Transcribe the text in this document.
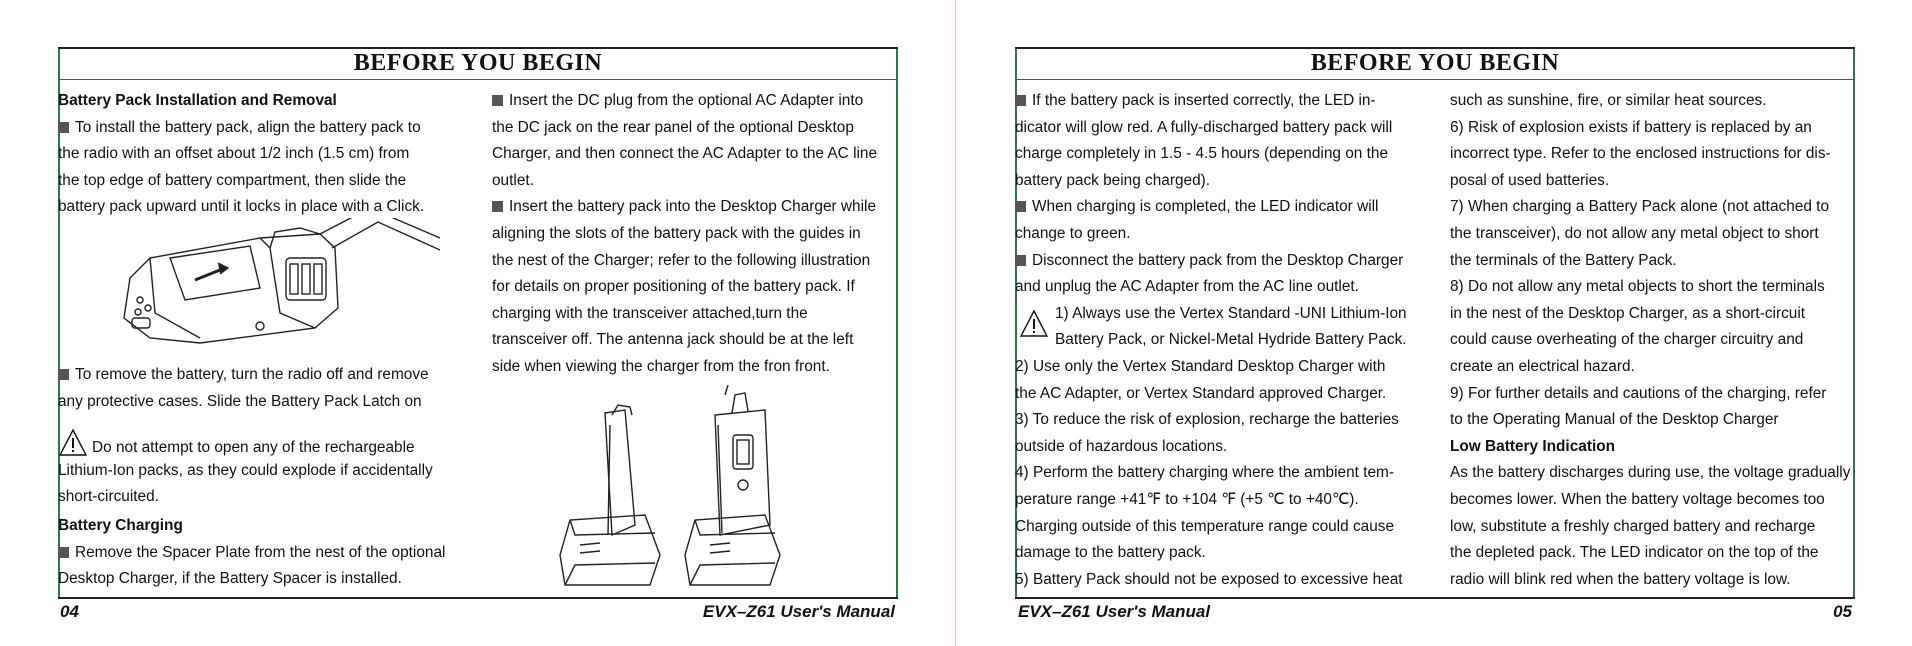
BEFORE YOU BEGIN
Battery Pack Installation and Removal
To install the battery pack, align the battery pack to
the radio with an offset about 1/2 inch (1.5 cm) from
the top edge of battery compartment, then slide the
battery pack upward until it locks in place with a Click.
To remove the battery, turn the radio off and remove
any protective cases. Slide the Battery Pack Latch on
Do not attempt to open any of the rechargeable
Lithium-Ion packs, as they could explode if accidentally
short-circuited.
Battery Charging
Remove the Spacer Plate from the nest of the optional
Desktop Charger, if the Battery Spacer is installed.
Insert the DC plug from the optional AC Adapter into
the DC jack on the rear panel of the optional Desktop
Charger, and then connect the AC Adapter to the AC line
outlet.
Insert the battery pack into the Desktop Charger while
aligning the slots of the battery pack with the guides in
the nest of the Charger; refer to the following illustration
for details on proper positioning of the battery pack. If
charging with the transceiver attached,turn the
transceiver off. The antenna jack should be at the left
side when viewing the charger from the fron front.
04	EVX–Z61 User's Manual
BEFORE YOU BEGIN
If the battery pack is inserted correctly, the LED in-
dicator will glow red. A fully-discharged battery pack will
charge completely in 1.5 - 4.5 hours (depending on the
battery pack being charged).
When charging is completed, the LED indicator will
change to green.
Disconnect the battery pack from the Desktop Charger
and unplug the AC Adapter from the AC line outlet.
1) Always use the Vertex Standard -UNI Lithium-Ion
Battery Pack, or Nickel-Metal Hydride Battery Pack.
2) Use only the Vertex Standard Desktop Charger with
the AC Adapter, or Vertex Standard approved Charger.
3) To reduce the risk of explosion, recharge the batteries
outside of hazardous locations.
4) Perform the battery charging where the ambient tem-
perature range +41℉ to +104 ℉ (+5 ℃ to +40℃).
Charging outside of this temperature range could cause
damage to the battery pack.
5) Battery Pack should not be exposed to excessive heat
such as sunshine, fire, or similar heat sources.
6) Risk of explosion exists if battery is replaced by an
incorrect type. Refer to the enclosed instructions for dis-
posal of used batteries.
7) When charging a Battery Pack alone (not attached to
the transceiver), do not allow any metal object to short
the terminals of the Battery Pack.
8) Do not allow any metal objects to short the terminals
in the nest of the Desktop Charger, as a short-circuit
could cause overheating of the charger circuitry and
create an electrical hazard.
9) For further details and cautions of the charging, refer
to the Operating Manual of the Desktop Charger
Low Battery Indication
As the battery discharges during use, the voltage gradually
becomes lower. When the battery voltage becomes too
low, substitute a freshly charged battery and recharge
the depleted pack. The LED indicator on the top of the
radio will blink red when the battery voltage is low.
EVX–Z61 User's Manual	05
